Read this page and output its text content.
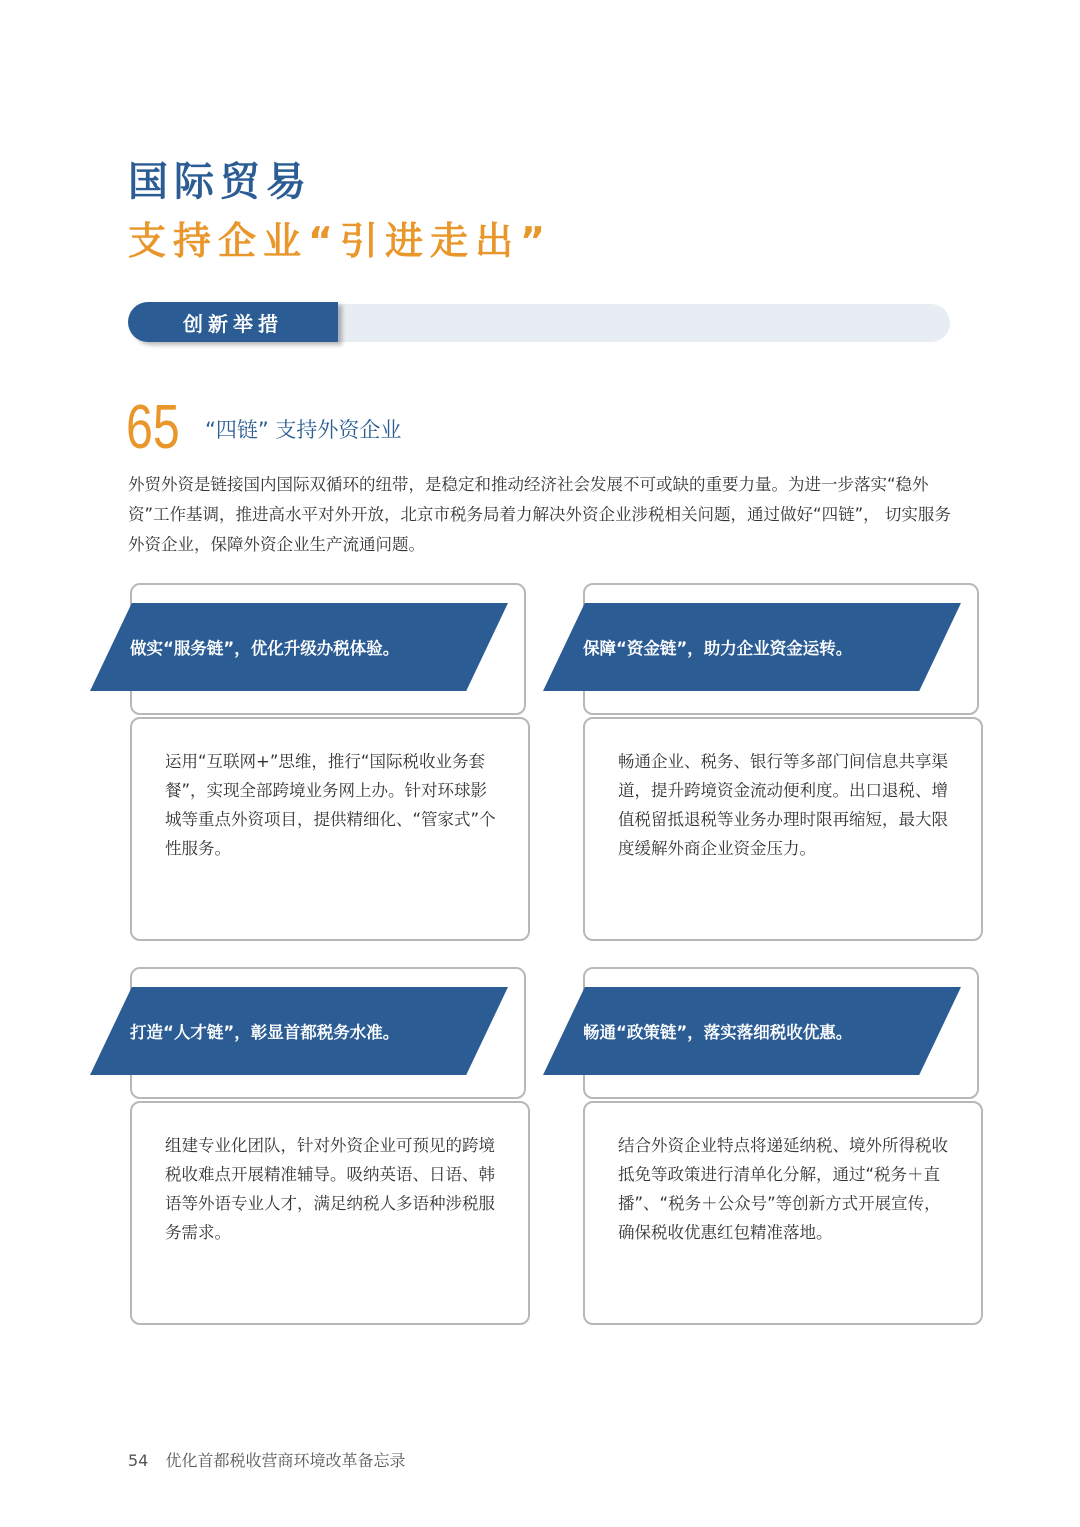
国际贸易
支持企业“引进走出”
创新举措
65 “四链” 支持外资企业

外贸外资是链接国内国际双循环的纽带，是稳定和推动经济社会发展不可或缺的重要力量。为进一步落实“稳外资”工作基调，推进高水平对外开放，北京市税务局着力解决外资企业涉税相关问题，通过做好“四链”， 切实服务外资企业，保障外资企业生产流通问题。

做实“服务链”，优化升级办税体验。

运用“互联网+”思维，推行“国际税收业务套餐”，实现全部跨境业务网上办。针对环球影城等重点外资项目，提供精细化、“管家式”个性服务。

保障“资金链”，助力企业资金运转。

畅通企业、税务、银行等多部门间信息共享渠道，提升跨境资金流动便利度。出口退税、增值税留抵退税等业务办理时限再缩短，最大限度缓解外商企业资金压力。

打造“人才链”，彰显首都税务水准。

组建专业化团队，针对外资企业可预见的跨境税收难点开展精准辅导。吸纳英语、日语、韩语等外语专业人才，满足纳税人多语种涉税服务需求。

畅通“政策链”，落实落细税收优惠。

结合外资企业特点将递延纳税、境外所得税收抵免等政策进行清单化分解，通过“税务＋直播”、“税务＋公众号”等创新方式开展宣传，确保税收优惠红包精准落地。

54 优化首都税收营商环境改革备忘录
